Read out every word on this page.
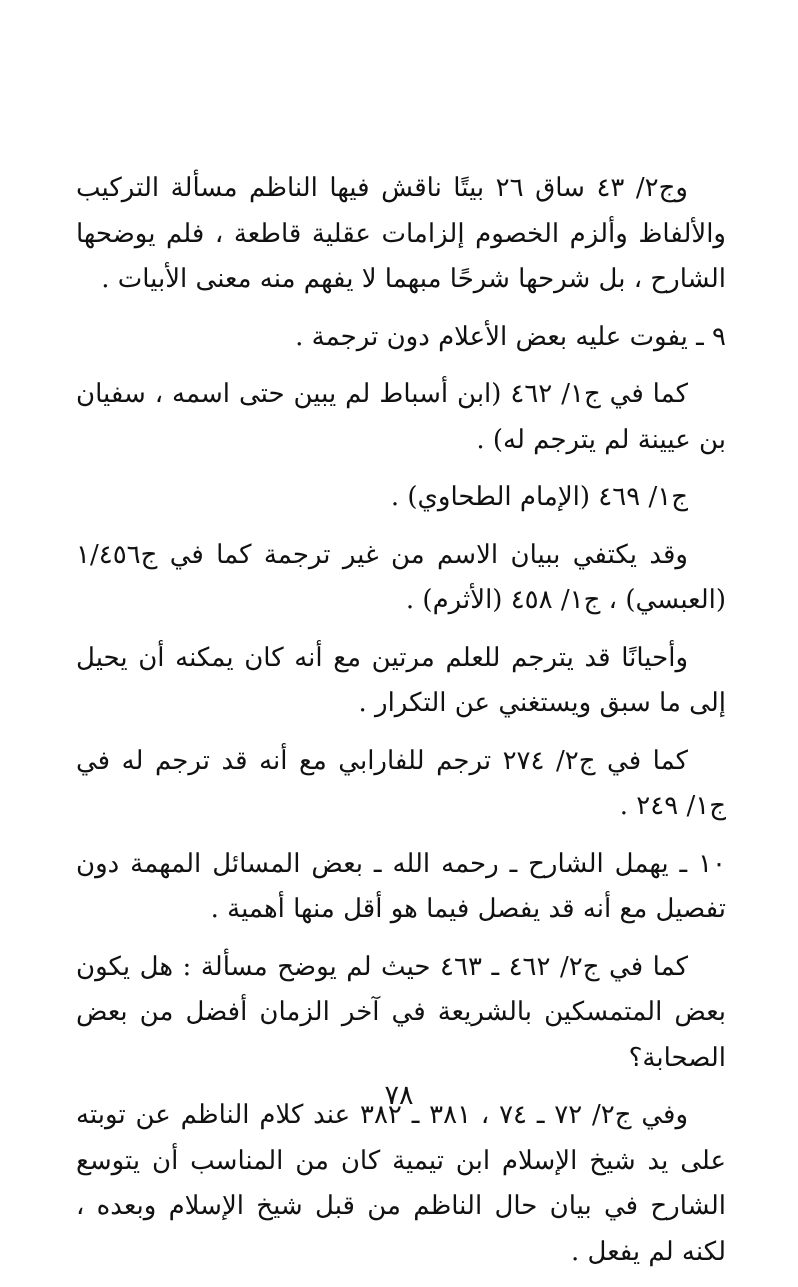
وج٢/ ٤٣ ساق ٢٦ بيتًا ناقش فيها الناظم مسألة التركيب والألفاظ وألزم الخصوم إلزامات عقلية قاطعة ، فلم يوضحها الشارح ، بل شرحها شرحًا مبهما لا يفهم منه معنى الأبيات .

٩ ـ يفوت عليه بعض الأعلام دون ترجمة .

كما في ج١/ ٤٦٢ (ابن أسباط لم يبين حتى اسمه ، سفيان بن عيينة لم يترجم له) .

ج١/ ٤٦٩ (الإمام الطحاوي) .

وقد يكتفي ببيان الاسم من غير ترجمة كما في ج١/٤٥٦ (العبسي) ، ج١/ ٤٥٨ (الأثرم) .

وأحيانًا قد يترجم للعلم مرتين مع أنه كان يمكنه أن يحيل إلى ما سبق ويستغني عن التكرار .

كما في ج٢/ ٢٧٤ ترجم للفارابي مع أنه قد ترجم له في ج١/ ٢٤٩ .

١٠ ـ يهمل الشارح ـ رحمه الله ـ بعض المسائل المهمة دون تفصيل مع أنه قد يفصل فيما هو أقل منها أهمية .

كما في ج٢/ ٤٦٢ ـ ٤٦٣ حيث لم يوضح مسألة : هل يكون بعض المتمسكين بالشريعة في آخر الزمان أفضل من بعض الصحابة؟

وفي ج٢/ ٧٢ ـ ٧٤ ، ٣٨١ ـ ٣٨٢ عند كلام الناظم عن توبته على يد شيخ الإسلام ابن تيمية كان من المناسب أن يتوسع الشارح في بيان حال الناظم من قبل شيخ الإسلام وبعده ، لكنه لم يفعل .

٧٨
